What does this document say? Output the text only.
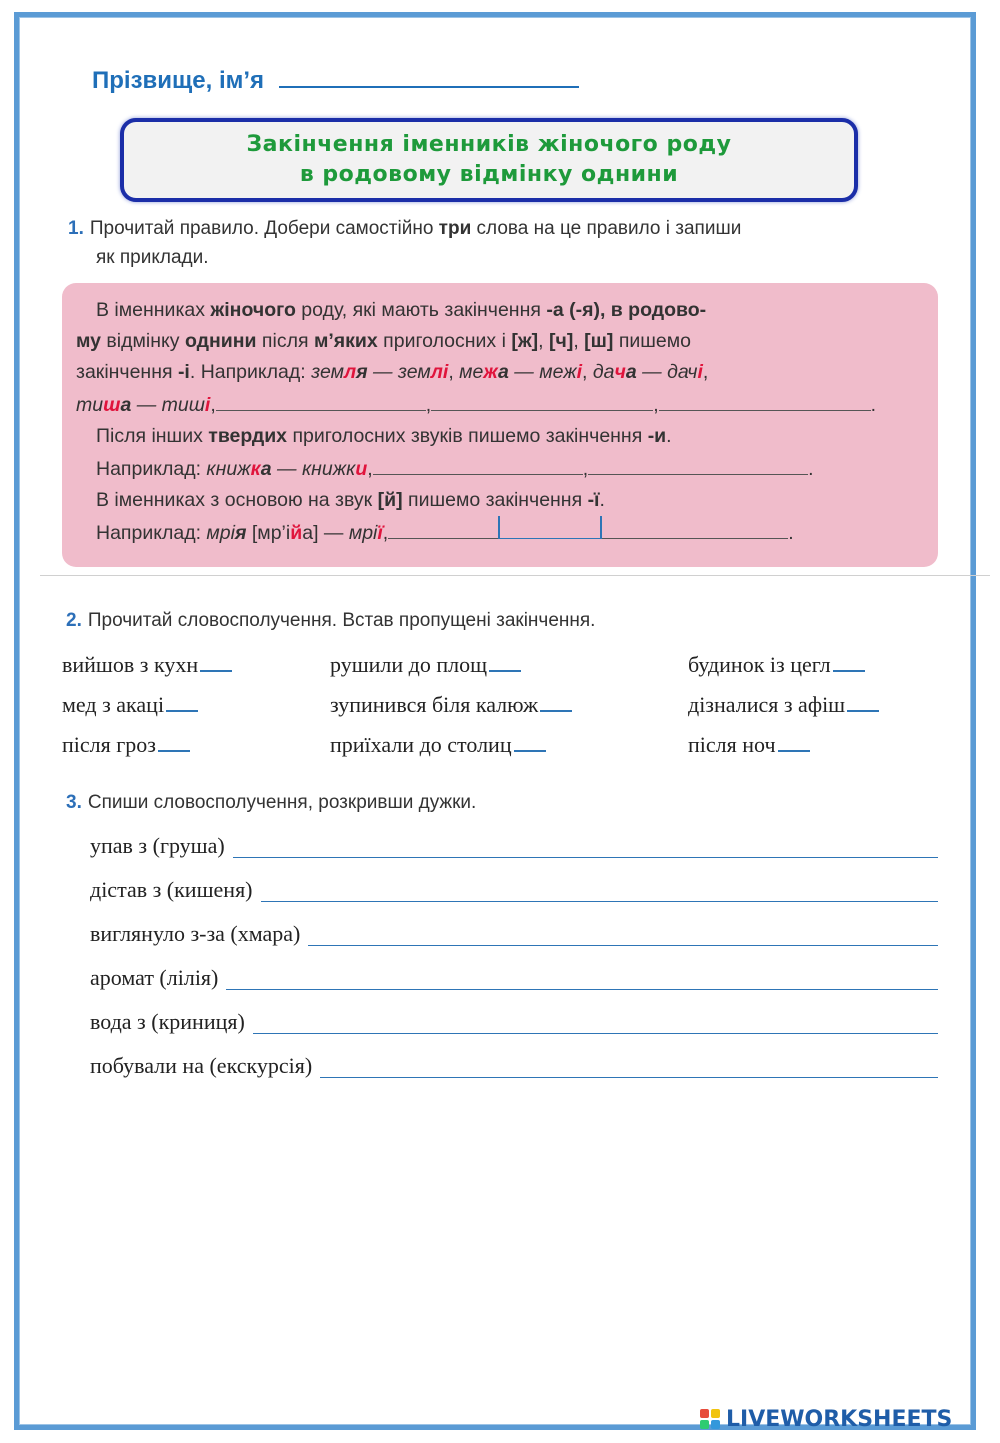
Прізвище, ім’я
Закінчення іменників жіночого роду
в родовому відмінку однини
1. Прочитай правило. Добери самостійно три слова на це правило і запиши
як приклади.

В іменниках жіночого роду, які мають закінчення -а (-я), в родово-

му відмінку однини після м’яких приголосних і [ж], [ч], [ш] пишемо

закінчення -і. Наприклад: земля — землі, межа — межі, дача — дачі,

тиша — тиші,	,	,	.

Після інших твердих приголосних звуків пишемо закінчення -и.

Наприклад: книжка — книжки,	,	.

В іменниках з основою на звук [й] пишемо закінчення -ї.

Наприклад: мрія [мр’ійа] — мрії,	.

2. Прочитай словосполучення. Встав пропущені закінчення.
вийшов з кухн	рушили до площ	будинок із цегл
мед з акаці	зупинився біля калюж	дізналися з афіш
після гроз	приїхали до столиц	після ноч
3. Спиши словосполучення, розкривши дужки.
упав з (груша)
дістав з (кишеня)
виглянуло з-за (хмара)
аромат (лілія)
вода з (криниця)
побували на (екскурсія)
LIVEWORKSHEETS
